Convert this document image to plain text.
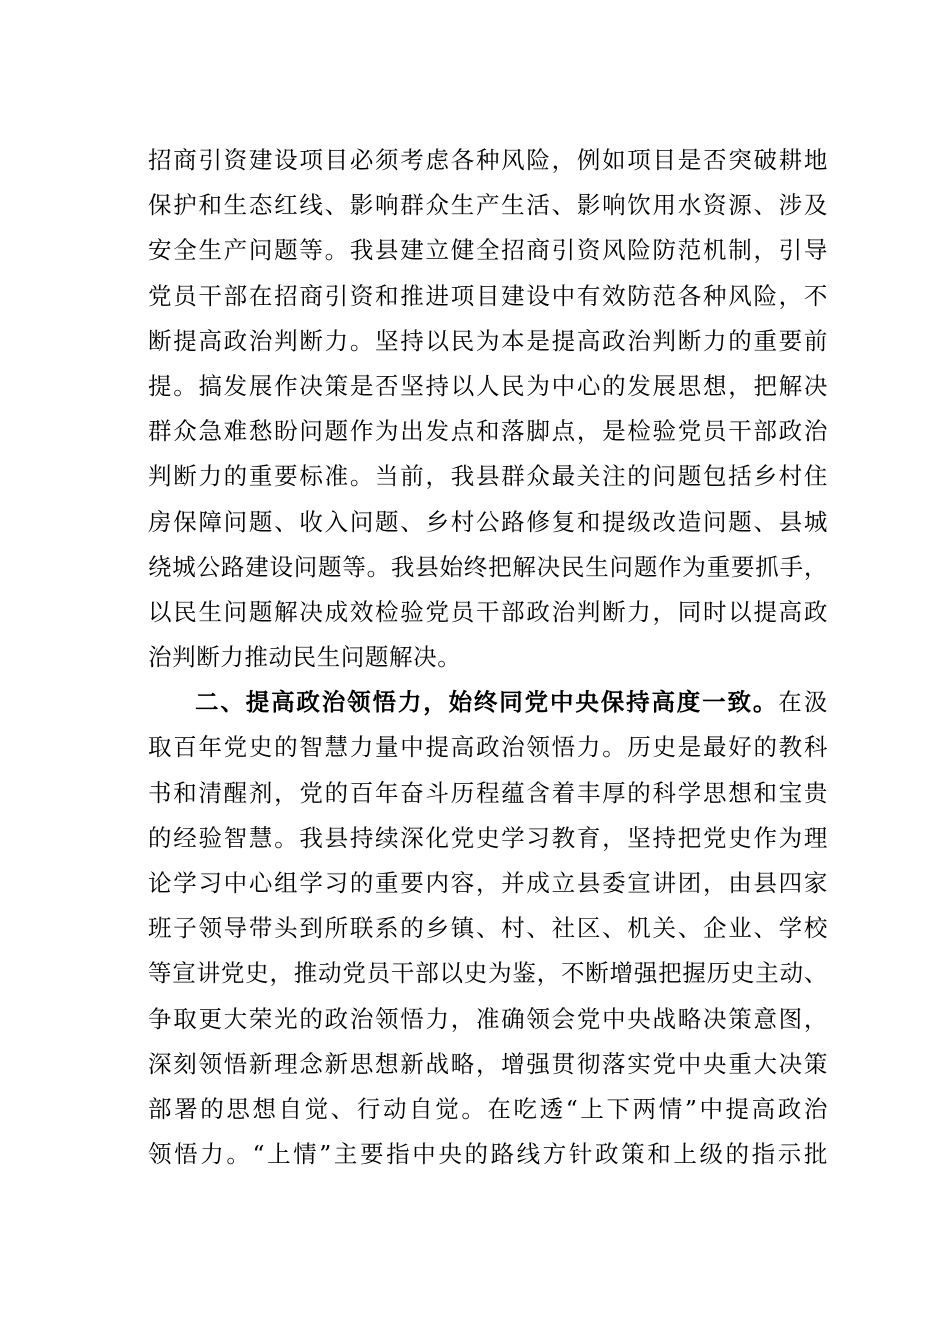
招商引资建设项目必须考虑各种风险，例如项目是否突破耕地
保护和生态红线、影响群众生产生活、影响饮用水资源、涉及
安全生产问题等。我县建立健全招商引资风险防范机制，引导
党员干部在招商引资和推进项目建设中有效防范各种风险，不
断提高政治判断力。坚持以民为本是提高政治判断力的重要前
提。搞发展作决策是否坚持以人民为中心的发展思想，把解决
群众急难愁盼问题作为出发点和落脚点，是检验党员干部政治
判断力的重要标准。当前，我县群众最关注的问题包括乡村住
房保障问题、收入问题、乡村公路修复和提级改造问题、县城
绕城公路建设问题等。我县始终把解决民生问题作为重要抓手，
以民生问题解决成效检验党员干部政治判断力，同时以提高政
治判断力推动民生问题解决。
二、提高政治领悟力，始终同党中央保持高度一致。在汲
取百年党史的智慧力量中提高政治领悟力。历史是最好的教科
书和清醒剂，党的百年奋斗历程蕴含着丰厚的科学思想和宝贵
的经验智慧。我县持续深化党史学习教育，坚持把党史作为理
论学习中心组学习的重要内容，并成立县委宣讲团，由县四家
班子领导带头到所联系的乡镇、村、社区、机关、企业、学校
等宣讲党史，推动党员干部以史为鉴，不断增强把握历史主动、
争取更大荣光的政治领悟力，准确领会党中央战略决策意图，
深刻领悟新理念新思想新战略，增强贯彻落实党中央重大决策
部署的思想自觉、行动自觉。在吃透“上下两情”中提高政治
领悟力。“上情”主要指中央的路线方针政策和上级的指示批
